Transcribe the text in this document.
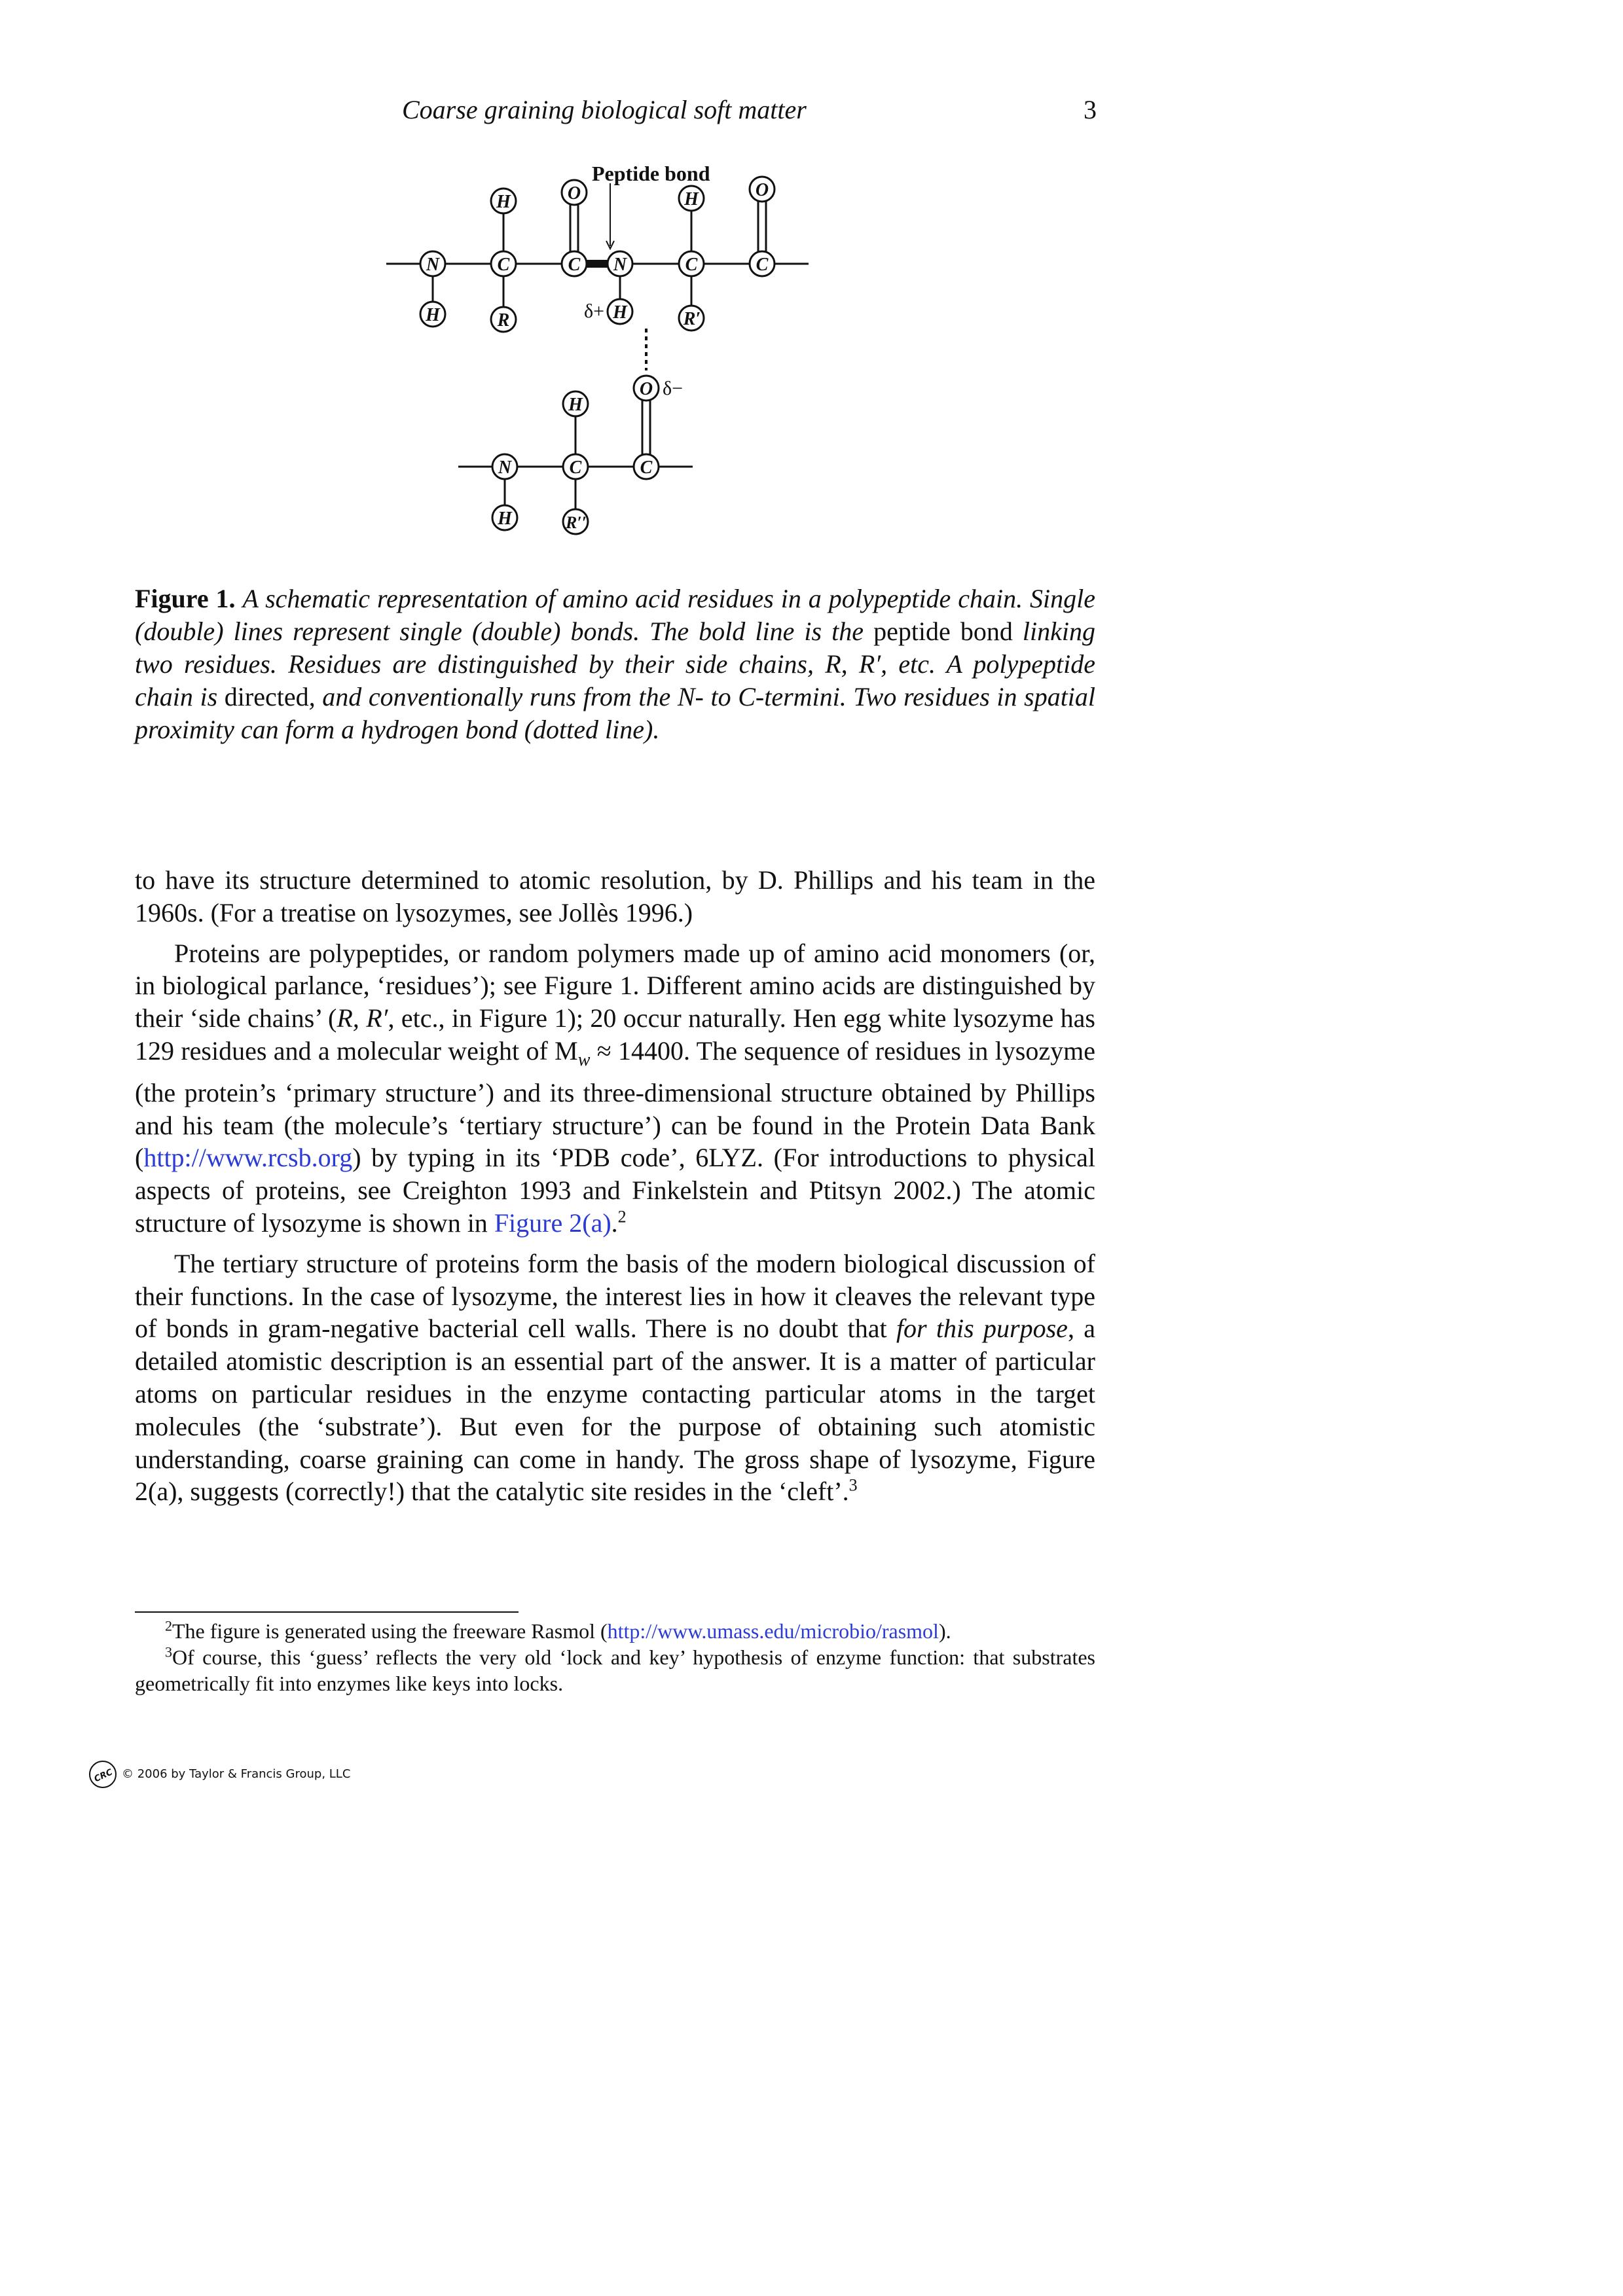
Coarse graining biological soft matter	3
N	C	C N	C	C
H
H
R
O
H
H
R′
O
N	C	C
H
H
R′′
O
Peptide bond
δ+
δ−
Figure 1. A schematic representation of amino acid residues in a polypeptide chain. Single (double) lines represent single (double) bonds. The bold line is the peptide bond linking two residues. Residues are distinguished by their side chains, R, R′, etc. A polypeptide chain is directed, and conventionally runs from the N- to C-termini. Two residues in spatial proximity can form a hydrogen bond (dotted line).

to have its structure determined to atomic resolution, by D. Phillips and his team in the 1960s. (For a treatise on lysozymes, see Jollès 1996.)

Proteins are polypeptides, or random polymers made up of amino acid monomers (or, in biological parlance, ‘residues’); see Figure 1. Different amino acids are distinguished by their ‘side chains’ (R, R′, etc., in Figure 1); 20 occur naturally. Hen egg white lysozyme has 129 residues and a molecular weight of $M_w \approx 14400$. The sequence of residues in lysozyme (the protein’s ‘primary structure’) and its three-dimensional structure obtained by Phillips and his team (the molecule’s ‘tertiary structure’) can be found in the Protein Data Bank (http://www.rcsb.org) by typing in its ‘PDB code’, 6LYZ. (For introductions to physical aspects of proteins, see Creighton 1993 and Finkelstein and Ptitsyn 2002.) The atomic structure of lysozyme is shown in Figure 2(a).$^2$

The tertiary structure of proteins form the basis of the modern biological discussion of their functions. In the case of lysozyme, the interest lies in how it cleaves the relevant type of bonds in gram-negative bacterial cell walls. There is no doubt that for this purpose, a detailed atomistic description is an essential part of the answer. It is a matter of particular atoms on particular residues in the enzyme contacting particular atoms in the target molecules (the ‘substrate’). But even for the purpose of obtaining such atomistic understanding, coarse graining can come in handy. The gross shape of lysozyme, Figure 2(a), suggests (correctly!) that the catalytic site resides in the ‘cleft’.$^3$

$^2$The figure is generated using the freeware Rasmol (http://www.umass.edu/microbio/rasmol).
$^3$Of course, this ‘guess’ reflects the very old ‘lock and key’ hypothesis of enzyme function: that substrates geometrically fit into enzymes like keys into locks.
CRC © 2006 by Taylor & Francis Group, LLC
